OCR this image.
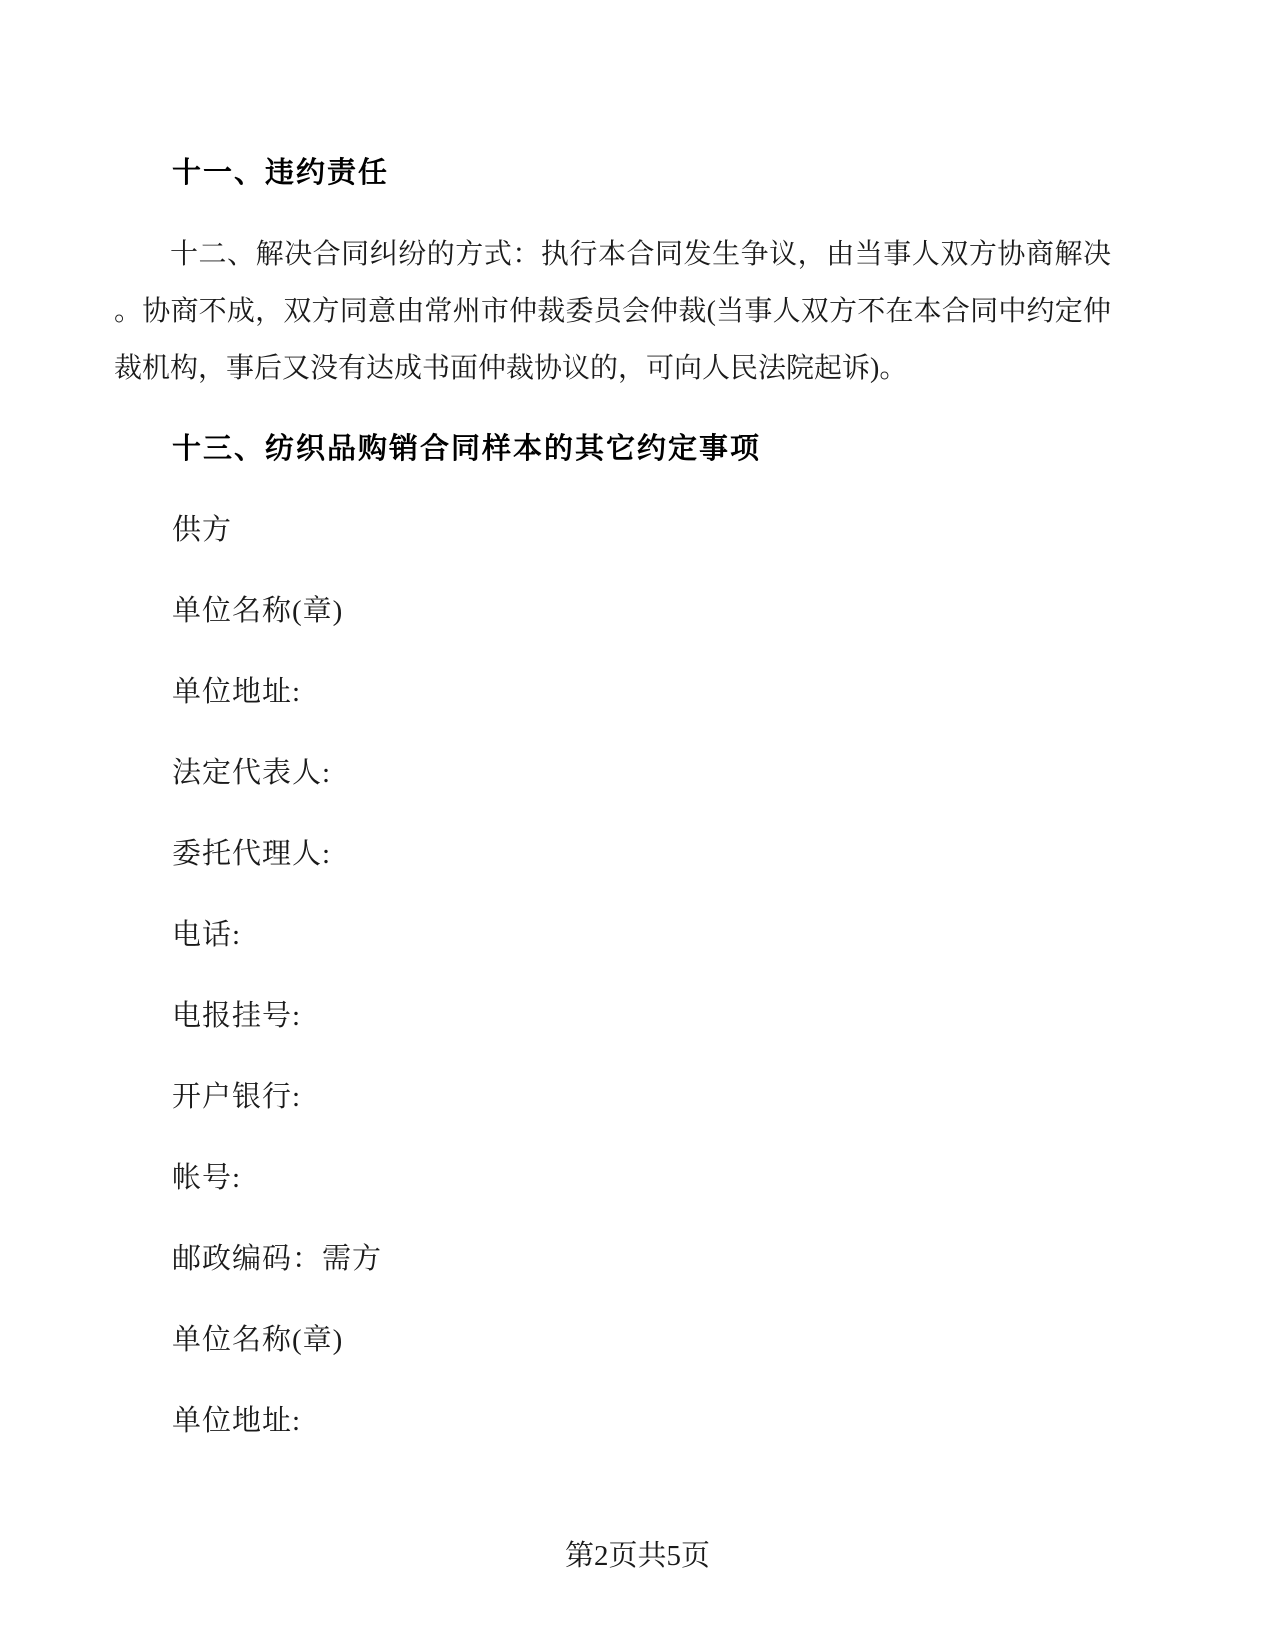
十一、违约责任

十二、解决合同纠纷的方式：执行本合同发生争议，由当事人双方协商解决。协商不成，双方同意由常州市仲裁委员会仲裁(当事人双方不在本合同中约定仲裁机构，事后又没有达成书面仲裁协议的，可向人民法院起诉)。

十三、纺织品购销合同样本的其它约定事项

供方

单位名称(章)

单位地址:

法定代表人:

委托代理人:

电话:

电报挂号:

开户银行:

帐号:

邮政编码：需方

单位名称(章)

单位地址:

第2页共5页
